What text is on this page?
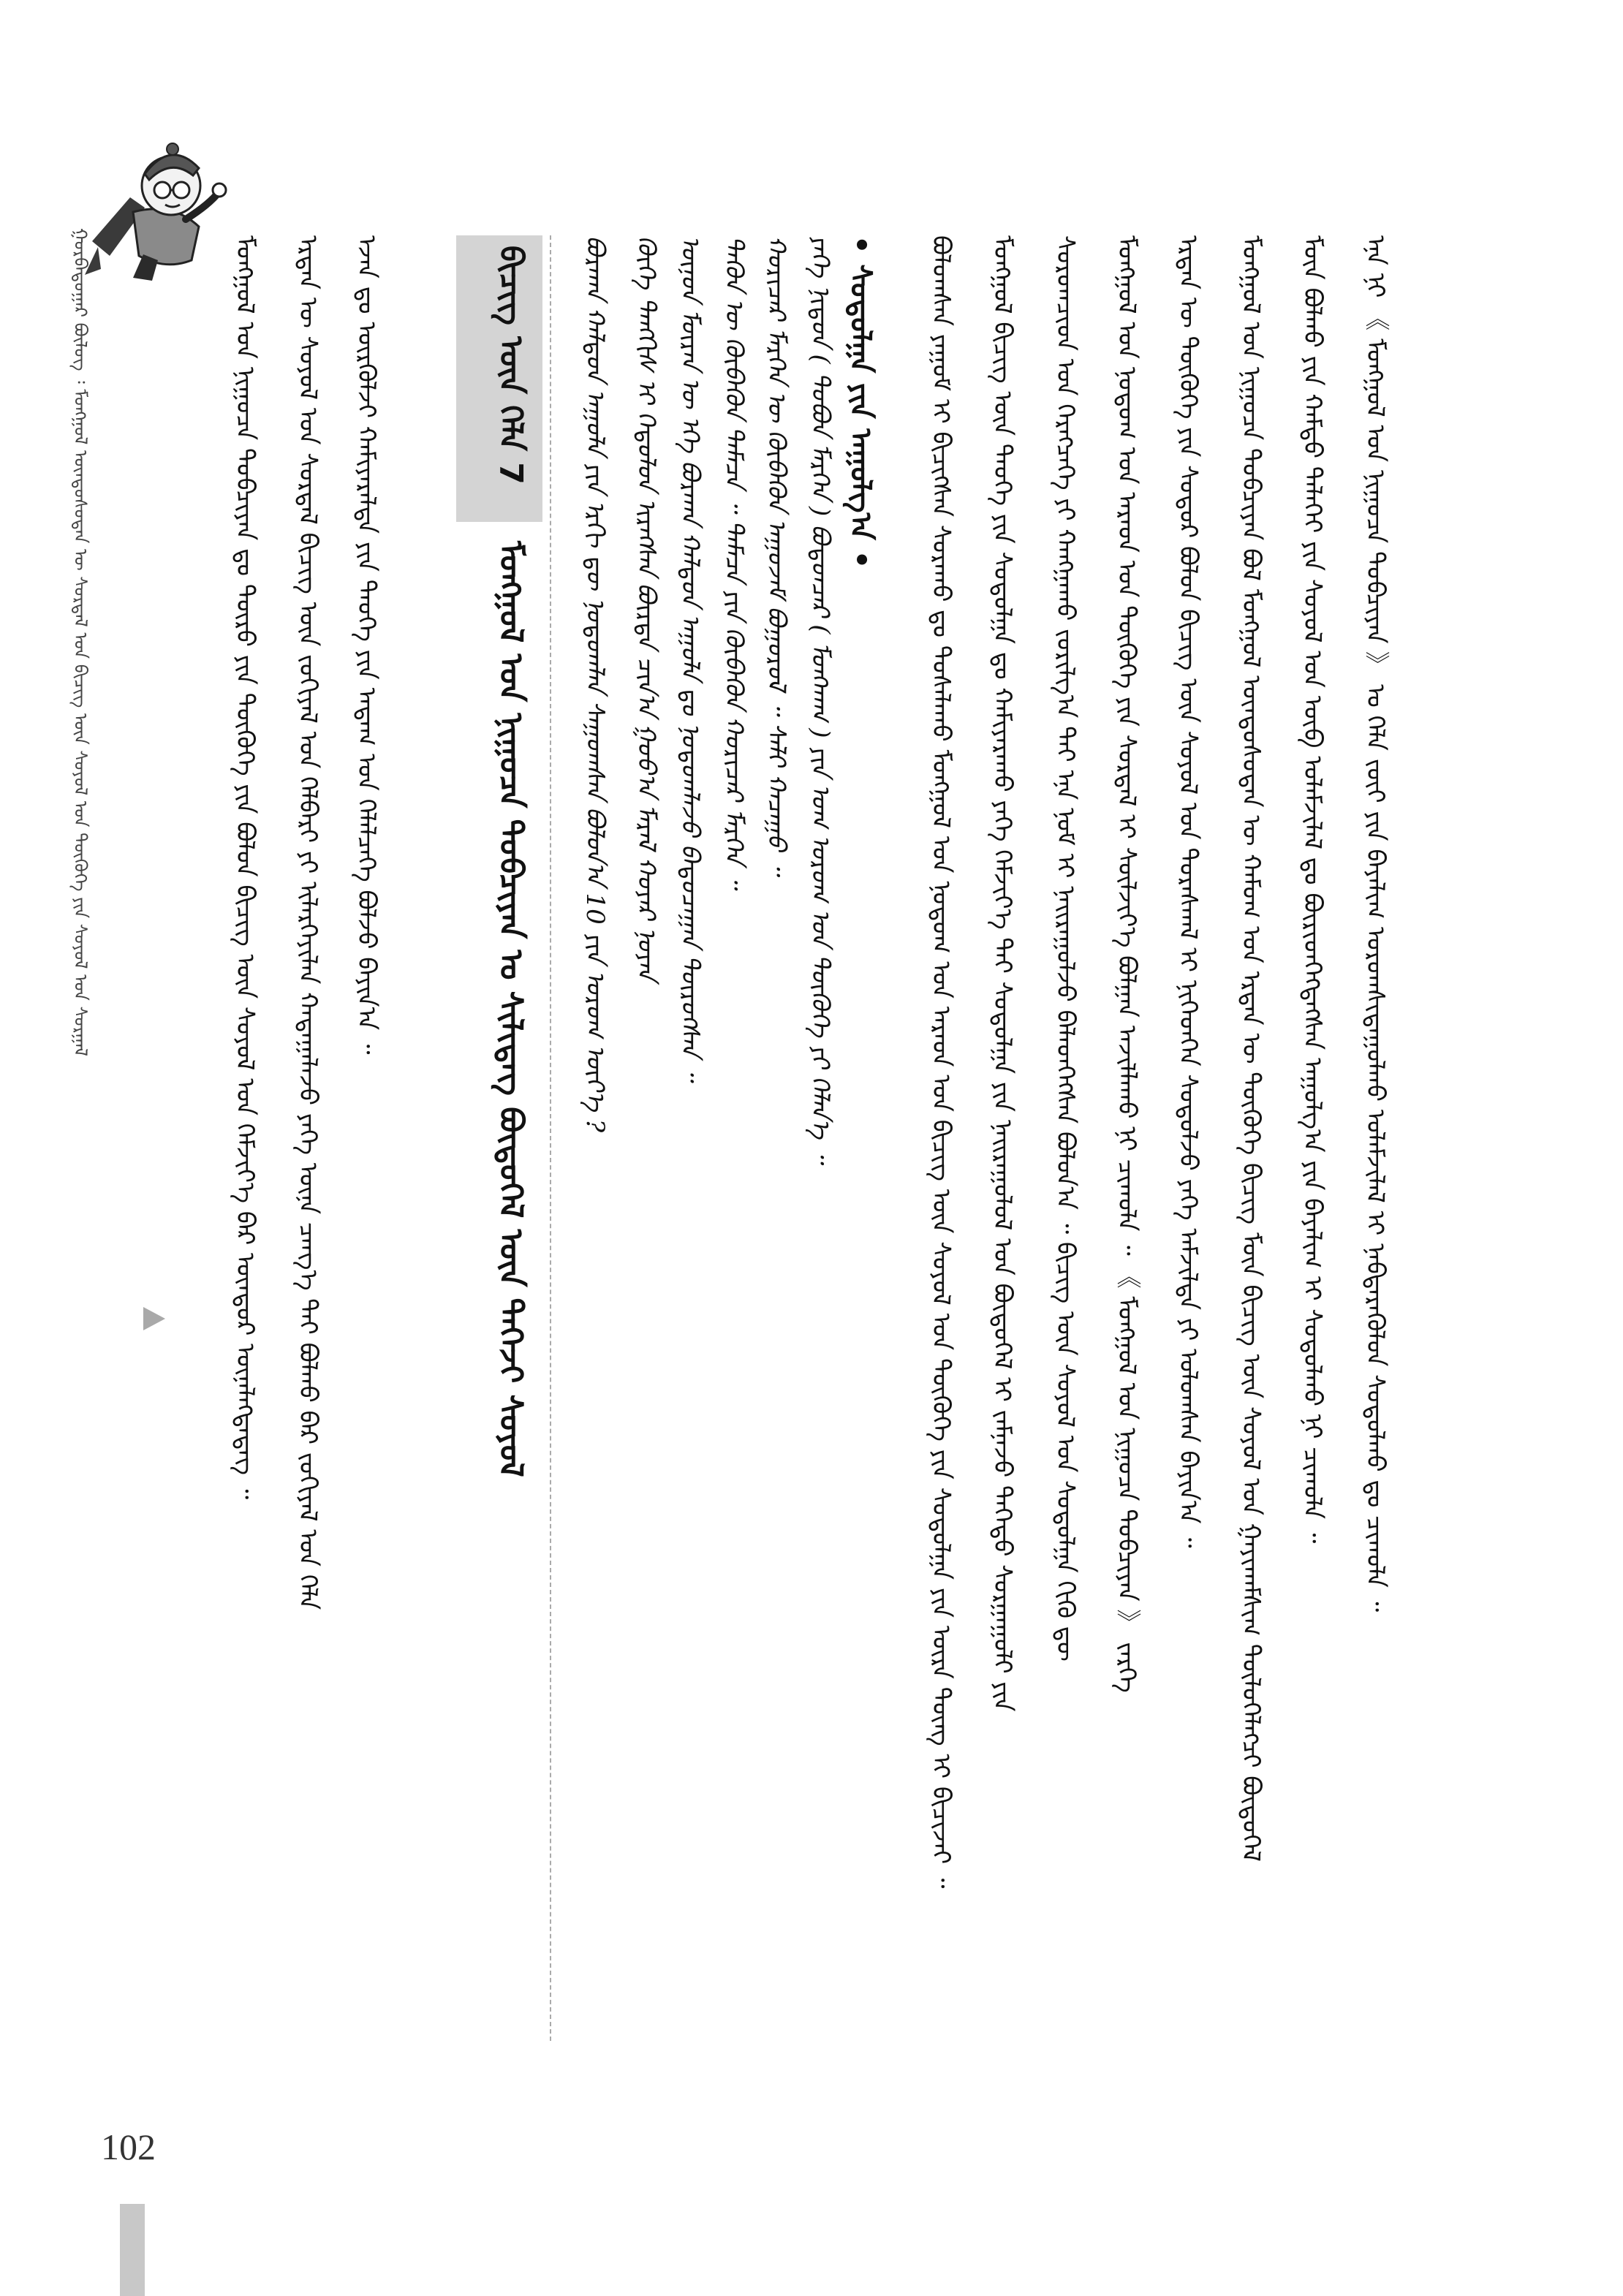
ᠭᠤᠷᠪᠠᠳᠤᠭᠠᠷ ᠪᠦᠯᠦᠭ ᠄ ᠮᠣᠩᠭᠣᠯ ᠦᠨᠳᠦᠰᠦᠲᠡᠨ ᠦ ᠰᠤᠷᠲᠠᠯ ᠤᠨ ᠪᠢᠴᠢᠭ ᠦᠨ ᠰᠣᠶᠤᠯ ᠤᠨ ᠲᠦᠭᠦᠬᠡ ᠶᠢᠨ ᠰᠣᠶᠤᠯ ᠤᠨ ᠰᠤᠷᠭᠠᠯ
102
ᠮᠣᠩᠭᠣᠯ ᠤᠨ ᠨᠢᠭᠤᠴᠠ ᠲᠣᠪᠴᠢᠶᠠᠨ ᠳᠤ ᠲᠥᠷᠦ ᠶᠢᠨ ᠲᠦᠭᠦᠬᠡ ᠶᠢᠨ ᠪᠣᠯᠤᠨ ᠪᠢᠴᠢᠭ ᠦᠨ ᠰᠣᠶᠤᠯ ᠤᠨ ᠬᠡᠮᠵᠢᠶ᠎ᠡ ᠪᠡᠷ ᠥᠨᠳᠥᠷ ᠦᠨᠡᠯᠡᠭᠳᠡᠳᠡᠭ ᠃ ᠡᠷᠲᠡᠨ ᠦ ᠰᠣᠶᠤᠯ ᠤᠨ ᠰᠤᠷᠲᠠᠯ ᠪᠢᠴᠢᠭ ᠦᠨ ᠵᠣᠬᠢᠶᠠᠯ ᠤᠨ ᠬᠡᠯᠪᠡᠷᠢ ᠶᠢ ᠢᠯᠡᠷᠬᠡᠶᠢᠯᠡᠨ ᠬᠠᠳᠠᠭᠠᠯᠠᠵᠤ ᠶᠡᠬᠡ ᠦᠨᠡ ᠴᠡᠨᠭ᠎ᠡ ᠲᠡᠢ ᠪᠣᠯᠬᠤ ᠪᠠᠷ ᠵᠣᠬᠢᠶᠠᠯ ᠤᠨ ᠬᠡᠯᠡ ᠡᠵᠡᠨ ᠳᠤ ᠦᠷᠭᠦᠯᠵᠢ ᠬᠠᠮᠢᠶᠠᠷᠠᠯᠲᠠ ᠶᠢᠨ ᠲᠡᠦᠬᠡ ᠶᠢᠨ ᠠᠳᠠᠭ ᠤᠨ ᠬᠡᠯᠡᠯᠴᠡᠭᠡ ᠪᠣᠯᠵᠤ ᠪᠠᠶᠢᠨ᠎ᠠ ᠃	ᠪᠢᠴᠢᠭ ᠦᠨ ᠬᠡᠯᠡ 7
ᠮᠣᠩᠭᠣᠯ ᠤᠨ ᠨᠢᠭᠤᠴᠠ ᠲᠣᠪᠴᠢᠶᠠᠨ ᠤ ᠰᠢᠯᠢᠳᠡᠭ ᠪᠦᠲᠦᠭᠡᠯ ᠦᠨ ᠳᠡᠭᠡᠵᠢ ᠰᠣᠶᠤᠯ	ᠪᠤᠷᠬᠠᠨ ᠬᠠᠯᠳᠤᠨ ᠠᠭᠤᠯᠠ ᠶᠢᠨ ᠡᠷᠭᠢ ᠳᠦ ᠨᠤᠲᠤᠭᠯᠠᠨ ᠰᠠᠭᠤᠭᠰᠠᠨ ᠪᠣᠯᠤᠨ᠎ᠠ 10 ᠶᠢᠨ ᠤᠷᠤᠭ ᠦᠶ᠎ᠡ ? ᠬᠦᠬᠡ ᠲᠡᠩᠭᠢᠰ ᠢ ᠭᠡᠲᠦᠯᠦᠨ ᠢᠷᠡᠭᠰᠡᠨ ᠪᠥᠷᠲᠡ ᠴᠢᠨ᠎ᠠ ᠭᠣᠣ᠎ᠠ ᠮᠠᠷᠠᠯ ᠬᠣᠶᠠᠷ ᠨᠣᠶᠠᠨ ᠥᠨᠥᠨ ᠮᠥᠷᠡᠨ ᠦ ᠡᠬᠡ ᠪᠤᠷᠬᠠᠨ ᠬᠠᠯᠳᠤᠨ ᠠᠭᠤᠯᠠ ᠳᠤ ᠨᠤᠲᠤᠭᠯᠠᠵᠤ ᠪᠠᠲᠤᠴᠠᠭᠠᠨ ᠲᠥᠷᠦᠭᠰᠡᠨ ᠃ ᠲᠡᠭᠦᠨ ᠦ ᠬᠥᠪᠡᠭᠦᠨ ᠲᠠᠮᠠᠴᠠ ᠃ ᠲᠠᠮᠠᠴᠠ ᠶᠢᠨ ᠬᠥᠪᠡᠭᠦᠨ ᠬᠣᠷᠢᠴᠠᠷ ᠮᠡᠷᠭᠡᠨ ᠃ ᠬᠣᠷᠢᠴᠠᠷ ᠮᠡᠷᠭᠡᠨ ᠦ ᠬᠥᠪᠡᠭᠦᠨ ᠠᠭᠤᠵᠠᠮ ᠪᠤᠭᠤᠷᠤᠯ ᠃ ᠰᠠᠯᠢ ᠬᠠᠴᠠᠭᠤ ᠃ ᠶᠡᠬᠡ ᠨᠢᠳᠦᠨ ( ᠳᠣᠪᠤᠨ ᠮᠡᠷᠭᠡᠨ ) ᠪᠣᠳᠣᠨᠴᠠᠷ ( ᠮᠤᠩᠬᠠᠭ ) ᠶᠢᠨ ᠤᠭ ᠤᠷᠤᠭ ᠤᠨ ᠲᠦᠭᠦᠬᠡ ᠶᠢ ᠬᠡᠯᠡᠨ᠎ᠡ ᠃ • ᠰᠤᠳᠤᠯᠭᠠ ᠶᠢᠨ ᠠᠭᠤᠯᠭ᠎ᠠ •	ᠪᠣᠯᠤᠭᠰᠠᠨ ᠶᠠᠭᠤᠮ ᠢ ᠪᠢᠴᠢᠭᠰᠡᠨ ᠰᠤᠷᠠᠬᠤ ᠳᠤ ᠲᠤᠰᠠᠯᠠᠬᠤ ᠮᠣᠩᠭᠣᠯ ᠤᠨ ᠨᠤᠲᠤᠭ ᠤᠨ ᠠᠷᠠᠳ ᠤᠨ ᠪᠢᠴᠢᠭ ᠦᠨ ᠰᠣᠶᠤᠯ ᠤᠨ ᠲᠦᠭᠦᠬᠡ ᠶᠢᠨ ᠰᠤᠳᠤᠯᠭᠠ ᠶᠢᠨ ᠦᠷᠡ ᠳᠦᠩ ᠢ ᠪᠢᠴᠢᠵᠡᠢ ᠃ ᠮᠣᠩᠭᠣᠯ ᠪᠢᠴᠢᠭ ᠦᠨ ᠲᠡᠦᠬᠡ ᠶᠢᠨ ᠰᠤᠳᠤᠯᠭᠠ ᠳᠤ ᠬᠠᠮᠢᠶᠠᠷᠠᠬᠤ ᠶᠡᠬᠡ ᠬᠡᠮᠵᠢᠶ᠎ᠡ ᠲᠡᠢ ᠰᠤᠳᠤᠯᠭᠠ ᠶᠢᠨ ᠨᠠᠢᠷᠠᠭᠤᠯᠤᠯ ᠤᠨ ᠪᠦᠲᠦᠭᠡᠯ ᠢ ᠵᠠᠮᠨᠠᠵᠤ ᠳᠡᠭᠡᠳᠦ ᠰᠤᠷᠭᠠᠭᠤᠯᠢ ᠶᠢᠨ ᠰᠤᠷᠤᠭᠴᠢᠳ ᠤᠨ ᠬᠡᠷᠡᠭᠴᠡᠭᠡ ᠶᠢ ᠬᠠᠩᠭᠠᠬᠤ ᠵᠣᠷᠢᠯᠭ᠎ᠠ ᠲᠠᠢ ᠡᠨᠡ ᠨᠣᠮ ᠢ ᠨᠠᠢᠷᠠᠭᠤᠯᠵᠤ ᠪᠡᠯᠡᠳᠬᠡᠭᠰᠡᠨ ᠪᠣᠯᠤᠨ᠎ᠠ ᠃ ᠪᠢᠴᠢᠭ ᠦᠨ ᠰᠣᠶᠤᠯ ᠤᠨ ᠰᠤᠳᠤᠯᠭᠠ ᠬᠢᠬᠦ ᠳᠦ ᠮᠣᠩᠭᠣᠯ ᠤᠨ ᠨᠤᠲᠤᠭ ᠤᠨ ᠠᠷᠠᠳ ᠤᠨ ᠲᠦᠭᠦᠬᠡ ᠶᠢᠨ ᠰᠤᠷᠲᠠᠯ ᠢ ᠰᠦᠯᠵᠢᠶ᠎ᠡ ᠪᠣᠯᠭᠠᠨ ᠠᠵᠢᠯᠯᠠᠬᠤ ᠨᠢ ᠴᠢᠬᠤᠯᠠ ᠃ 《 ᠮᠣᠩᠭᠣᠯ ᠤᠨ ᠨᠢᠭᠤᠴᠠ ᠲᠣᠪᠴᠢᠶᠠᠨ 》 ᠵᠡᠷᠭᠡ ᠡᠷᠲᠡᠨ ᠦ ᠲᠦᠭᠦᠬᠡ ᠶᠢᠨ ᠰᠤᠳᠤᠷ ᠪᠣᠯᠤᠨ ᠪᠢᠴᠢᠭ ᠦᠨ ᠰᠣᠶᠤᠯ ᠤᠨ ᠳᠤᠷᠠᠰᠬᠠᠯ ᠢ ᠨᠢᠭᠡᠳᠬᠡᠨ ᠰᠤᠳᠤᠯᠵᠤ ᠶᠡᠬᠡ ᠠᠮᠵᠢᠯᠲᠠ ᠶᠢ ᠣᠯᠤᠭᠰᠠᠨ ᠪᠠᠶᠢᠨ᠎ᠠ ᠃ ᠮᠣᠩᠭᠣᠯ ᠤᠨ ᠨᠢᠭᠤᠴᠠ ᠲᠣᠪᠴᠢᠶᠠᠨ ᠪᠣᠯ ᠮᠣᠩᠭᠣᠯ ᠦᠨᠳᠦᠰᠦᠲᠡᠨ ᠦ ᠬᠠᠮᠤᠭ ᠤᠨ ᠡᠷᠲᠡᠨ ᠦ ᠲᠦᠭᠦᠬᠡ ᠪᠢᠴᠢᠭ ᠮᠥᠨ ᠪᠢᠴᠢᠭ ᠦᠨ ᠰᠣᠶᠤᠯ ᠤᠨ ᠭᠠᠶᠢᠬᠠᠮᠰᠢᠭ ᠲᠥᠯᠦᠭᠡᠯᠡᠭᠴᠢ ᠪᠦᠲᠦᠭᠡᠯ ᠮᠥᠨ ᠪᠣᠯᠬᠤ ᠶᠢᠨ ᠬᠠᠮᠲᠤ ᠳᠡᠯᠡᠬᠡᠢ ᠶᠢᠨ ᠰᠣᠶᠤᠯ ᠤᠨ ᠥᠪ ᠤᠯᠠᠮᠵᠢᠯᠠᠯ ᠳᠤ ᠪᠦᠷᠢᠳᠭᠡᠭᠳᠡᠭᠰᠡᠨ ᠠᠭᠤᠯᠭ᠎ᠠ ᠶᠢᠨ ᠪᠠᠶᠠᠯᠢᠭ ᠢ ᠰᠤᠳᠤᠯᠬᠤ ᠨᠢ ᠴᠢᠬᠤᠯᠠ ᠃ ᠡᠨᠡ ᠨᠢ 《 ᠮᠣᠩᠭᠣᠯ ᠤᠨ ᠨᠢᠭᠤᠴᠠ ᠲᠣᠪᠴᠢᠶᠠᠨ 》 ᠤ ᠬᠡᠯᠡ ᠵᠦᠢ ᠶᠢᠨ ᠪᠠᠶᠠᠯᠢᠭ ᠤᠷᠤᠭᠰᠢᠳᠠᠭᠤᠯᠬᠤ ᠤᠯᠠᠮᠵᠢᠯᠠᠯ ᠢ ᠨᠡᠪᠲᠡᠷᠡᠭᠦᠯᠦᠨ ᠰᠤᠳᠤᠯᠬᠤ ᠳᠤ ᠴᠢᠬᠤᠯᠠ ᠃
